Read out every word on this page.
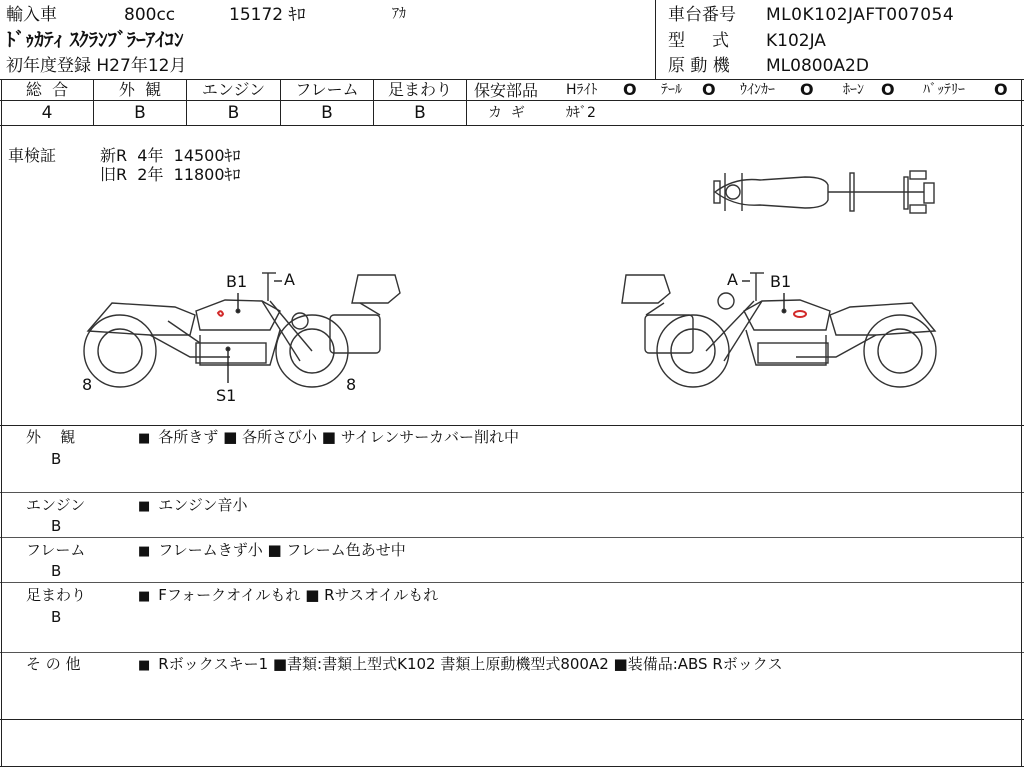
輸入車	800cc	15172 ｷﾛ	ｱｶ
ﾄﾞｩｶﾃｨ ｽｸﾗﾝﾌﾞﾗｰｱｲｺﾝ
初年度登録 H27年12月
車台番号 ML0K102JAFT007054
型     式 K102JA
原 動 機 ML0800A2D
総  合
4
外  観
B
エンジン
B
フレーム
B
足まわり
B
保安部品 Hﾗｲﾄ O ﾃｰﾙ O ｳｲﾝｶｰ O ﾎｰﾝ O ﾊﾞｯﾃﾘｰ O
カ  ギ	ｶｷﾞ2
車検証	新R  4年  14500ｷﾛ
旧R  2年  11800ｷﾛ
B1 A
S1
8	8
A B1
外    観
B
■ 各所きず ■ 各所さび小 ■ サイレンサーカバー削れ中
エンジン
B
■ エンジン音小
フレーム
B
■ フレームきず小 ■ フレーム色あせ中
足まわり
B
■ Fフォークオイルもれ ■ Rサスオイルもれ
そ の 他
■	Rボックスキー1 ■書類:書類上型式K102 書類上原動機型式800A2 ■装備品:ABS Rボックス
